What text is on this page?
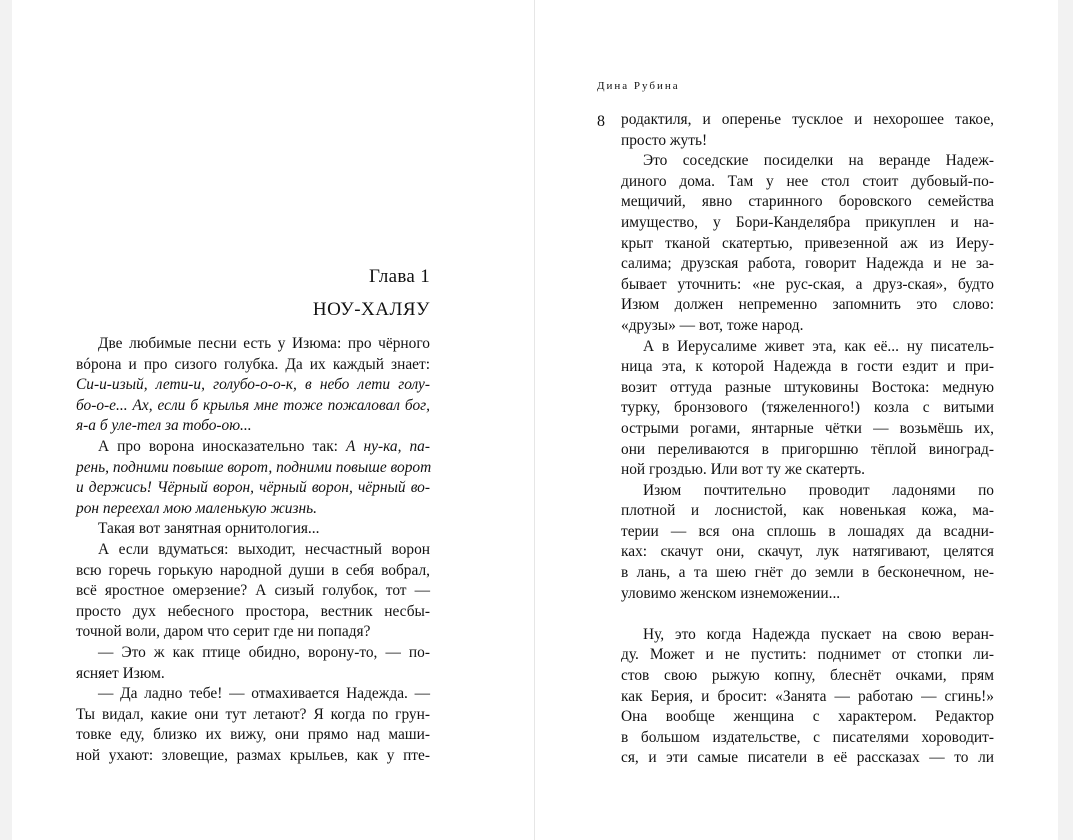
Глава 1
НОУ-ХАЛЯУ
Две любимые песни есть у Изюма: про чёрного
вóрона и про сизого голубка. Да их каждый знает:
Си-и-изый, лети-и, голубо-о-о-к, в небо лети голу-
бо-о-е... Ах, если б крылья мне тоже пожаловал бог,
я-а б уле-тел за тобо-ою...
А про ворона иносказательно так: А ну-ка, па-
рень, подними повыше ворот, подними повыше ворот
и держись! Чёрный ворон, чёрный ворон, чёрный во-
рон переехал мою маленькую жизнь.
Такая вот занятная орнитология...
А если вдуматься: выходит, несчастный ворон
всю горечь горькую народной души в себя вобрал,
всё яростное омерзение? А сизый голубок, тот —
просто дух небесного простора, вестник несбы-
точной воли, даром что серит где ни попадя?
— Это ж как птице обидно, ворону-то, — по-
ясняет Изюм.
— Да ладно тебе! — отмахивается Надежда. —
Ты видал, какие они тут летают? Я когда по грун-
товке еду, близко их вижу, они прямо над маши-
ной ухают: зловещие, размах крыльев, как у пте-
Дина Рубина
8 родактиля, и оперенье тусклое и нехорошее такое,
просто жуть!
Это соседские посиделки на веранде Надеж-
диного дома. Там у нее стол стоит дубовый-по-
мещичий, явно старинного боровского семейства
имущество, у Бори-Канделябра прикуплен и на-
крыт тканой скатертью, привезенной аж из Иеру-
салима; друзская работа, говорит Надежда и не за-
бывает уточнить: «не рус-ская, а друз-ская», будто
Изюм должен непременно запомнить это слово:
«друзы» — вот, тоже народ.
А в Иерусалиме живет эта, как её... ну писатель-
ница эта, к которой Надежда в гости ездит и при-
возит оттуда разные штуковины Востока: медную
турку, бронзового (тяжеленного!) козла с витыми
острыми рогами, янтарные чётки — возьмёшь их,
они переливаются в пригоршню тёплой виноград-
ной гроздью. Или вот ту же скатерть.
Изюм почтительно проводит ладонями по
плотной и лоснистой, как новенькая кожа, ма-
терии — вся она сплошь в лошадях да всадни-
ках: скачут они, скачут, лук натягивают, целятся
в лань, а та шею гнёт до земли в бесконечном, не-
уловимо женском изнеможении...
Ну, это когда Надежда пускает на свою веран-
ду. Может и не пустить: поднимет от стопки ли-
стов свою рыжую копну, блеснёт очками, прям
как Берия, и бросит: «Занята — работаю — сгинь!»
Она вообще женщина с характером. Редактор
в большом издательстве, с писателями хороводит-
ся, и эти самые писатели в её рассказах — то ли
